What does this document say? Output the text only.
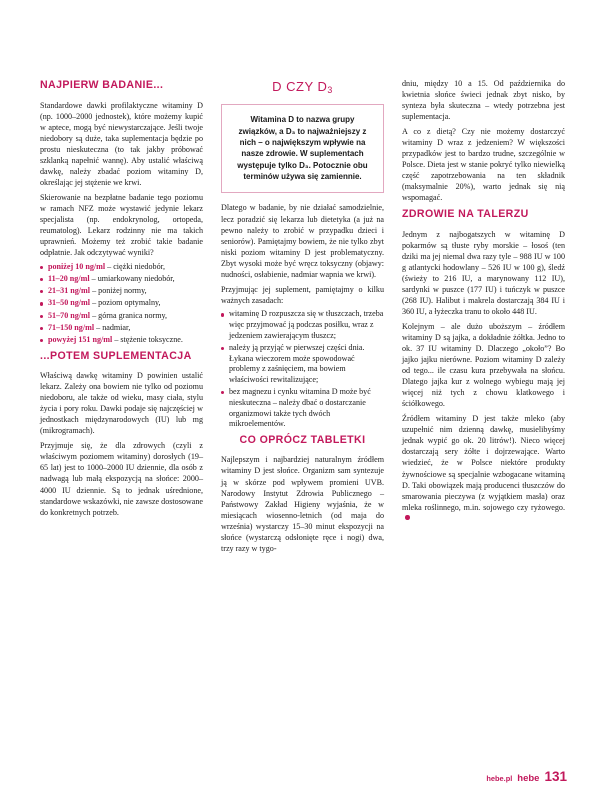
NAJPIERW BADANIE...

Standardowe dawki profilaktyczne witaminy D (np. 1000–2000 jednostek), które możemy kupić w aptece, mogą być niewystarczające. Jeśli twoje niedobory są duże, taka suplementacja będzie po prostu nieskuteczna (to tak jakby próbować szklanką napełnić wannę). Aby ustalić właściwą dawkę, należy zbadać poziom witaminy D, określając jej stężenie we krwi.

Skierowanie na bezpłatne badanie tego poziomu w ramach NFZ może wystawić jedynie lekarz specjalista (np. endokrynolog, ortopeda, reumatolog). Lekarz rodzinny nie ma takich uprawnień. Możemy też zrobić takie badanie odpłatnie. Jak odczytywać wyniki?

poniżej 10 ng/ml – ciężki niedobór,
11–20 ng/ml – umiarkowany niedobór,
21–31 ng/ml – poniżej normy,
31–50 ng/ml – poziom optymalny,
51–70 ng/ml – górna granica normy,
71–150 ng/ml – nadmiar,
powyżej 151 ng/ml – stężenie toksyczne.
...POTEM SUPLEMENTACJA

Właściwą dawkę witaminy D powinien ustalić lekarz. Zależy ona bowiem nie tylko od poziomu niedoboru, ale także od wieku, masy ciała, stylu życia i pory roku. Dawki podaje się najczęściej w jednostkach międzynarodowych (IU) lub mg (mikrogramach).

Przyjmuje się, że dla zdrowych (czyli z właściwym poziomem witaminy) dorosłych (19–65 lat) jest to 1000–2000 IU dziennie, dla osób z nadwagą lub małą ekspozycją na słońce: 2000–4000 IU dziennie. Są to jednak uśrednione, standardowe wskazówki, nie zawsze dostosowane do konkretnych potrzeb.

D CZY $D_3$
Witamina D to nazwa grupy związków, a D₃ to najważniejszy z nich – o największym wpływie na nasze zdrowie. W suplementach występuje tylko D₃. Potocznie obu terminów używa się zamiennie.

Dlatego w badanie, by nie działać samodzielnie, lecz poradzić się lekarza lub dietetyka (a już na pewno należy to zrobić w przypadku dzieci i seniorów). Pamiętajmy bowiem, że nie tylko zbyt niski poziom witaminy D jest problematyczny. Zbyt wysoki może być wręcz toksyczny (objawy: nudności, osłabienie, nadmiar wapnia we krwi).

Przyjmując jej suplement, pamiętajmy o kilku ważnych zasadach:

witaminę D rozpuszcza się w tłuszczach, trzeba więc przyjmować ją podczas posiłku, wraz z jedzeniem zawierającym tłuszcz;
należy ją przyjąć w pierwszej części dnia. Łykana wieczorem może spowodować problemy z zaśnięciem, ma bowiem właściwości rewitalizujące;
bez magnezu i cynku witamina D może być nieskuteczna – należy dbać o dostarczanie organizmowi także tych dwóch mikroelementów.
CO OPRÓCZ TABLETKI

Najlepszym i najbardziej naturalnym źródłem witaminy D jest słońce. Organizm sam syntezuje ją w skórze pod wpływem promieni UVB. Narodowy Instytut Zdrowia Publicznego – Państwowy Zakład Higieny wyjaśnia, że w miesiącach wiosenno-letnich (od maja do września) wystarczy 15–30 minut ekspozycji na słońce (wystarczą odsłonięte ręce i nogi) dwa, trzy razy w tygo-

dniu, między 10 a 15. Od października do kwietnia słońce świeci jednak zbyt nisko, by synteza była skuteczna – wtedy potrzebna jest suplementacja.

A co z dietą? Czy nie możemy dostarczyć witaminy D wraz z jedzeniem? W większości przypadków jest to bardzo trudne, szczególnie w Polsce. Dieta jest w stanie pokryć tylko niewielką część zapotrzebowania na ten składnik (maksymalnie 20%), warto jednak się nią wspomagać.

ZDROWIE NA TALERZU

Jednym z najbogatszych w witaminę D pokarmów są tłuste ryby morskie – łosoś (ten dziki ma jej niemal dwa razy tyle – 988 IU w 100 g atlantycki hodowlany – 526 IU w 100 g), śledź (świeży to 216 IU, a marynowany 112 IU), sardynki w puszce (177 IU) i tuńczyk w puszce (268 IU). Halibut i makrela dostarczają 384 IU i 360 IU, a łyżeczka tranu to około 448 IU.

Kolejnym – ale dużo uboższym – źródłem witaminy D są jajka, a dokładnie żółtka. Jedno to ok. 37 IU witaminy D. Dlaczego „około”? Bo jajko jajku nierówne. Poziom witaminy D zależy od tego... ile czasu kura przebywała na słońcu. Dlatego jajka kur z wolnego wybiegu mają jej więcej niż tych z chowu klatkowego i ściółkowego.

Źródłem witaminy D jest także mleko (aby uzupełnić nim dzienną dawkę, musielibyśmy jednak wypić go ok. 20 litrów!). Nieco więcej dostarczają sery żółte i dojrzewające. Warto wiedzieć, że w Polsce niektóre produkty żywnościowe są specjalnie wzbogacane witaminą D. Taki obowiązek mają producenci tłuszczów do smarowania pieczywa (z wyjątkiem masła) oraz mleka roślinnego, m.in. sojowego czy ryżowego.

hebe.pl hebe 131
